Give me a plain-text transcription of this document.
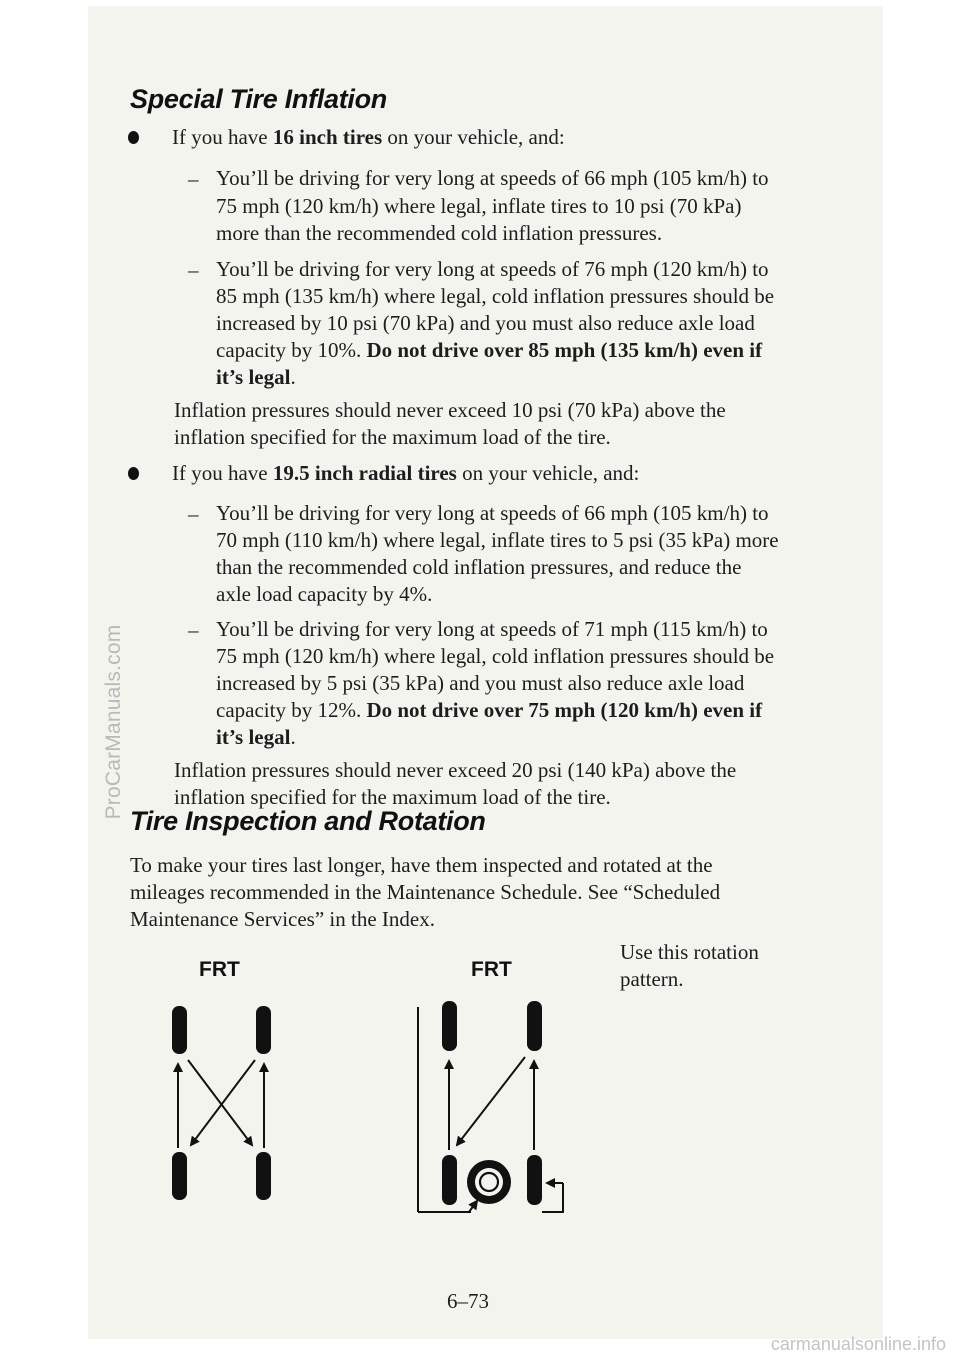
ProCarManuals.com
Special Tire Inflation

If you have 16 inch tires on your vehicle, and:

– You’ll be driving for very long at speeds of 66 mph (105 km/h) to

75 mph (120 km/h) where legal, inflate tires to 10 psi (70 kPa)

more than the recommended cold inflation pressures.

– You’ll be driving for very long at speeds of 76 mph (120 km/h) to

85 mph (135 km/h) where legal, cold inflation pressures should be

increased by 10 psi (70 kPa) and you must also reduce axle load

capacity by 10%. Do not drive over 85 mph (135 km/h) even if

it’s legal.

Inflation pressures should never exceed 10 psi (70 kPa) above the

inflation specified for the maximum load of the tire.

If you have 19.5 inch radial tires on your vehicle, and:

– You’ll be driving for very long at speeds of 66 mph (105 km/h) to

70 mph (110 km/h) where legal, inflate tires to 5 psi (35 kPa) more

than the recommended cold inflation pressures, and reduce the

axle load capacity by 4%.

– You’ll be driving for very long at speeds of 71 mph (115 km/h) to

75 mph (120 km/h) where legal, cold inflation pressures should be

increased by 5 psi (35 kPa) and you must also reduce axle load

capacity by 12%. Do not drive over 75 mph (120 km/h) even if

it’s legal.

Inflation pressures should never exceed 20 psi (140 kPa) above the

inflation specified for the maximum load of the tire.

Tire Inspection and Rotation

To make your tires last longer, have them inspected and rotated at the

mileages recommended in the Maintenance Schedule. See “Scheduled

Maintenance Services” in the Index.

Use this rotation

pattern.

FRT	FRT
6–73
carmanualsonline.info
